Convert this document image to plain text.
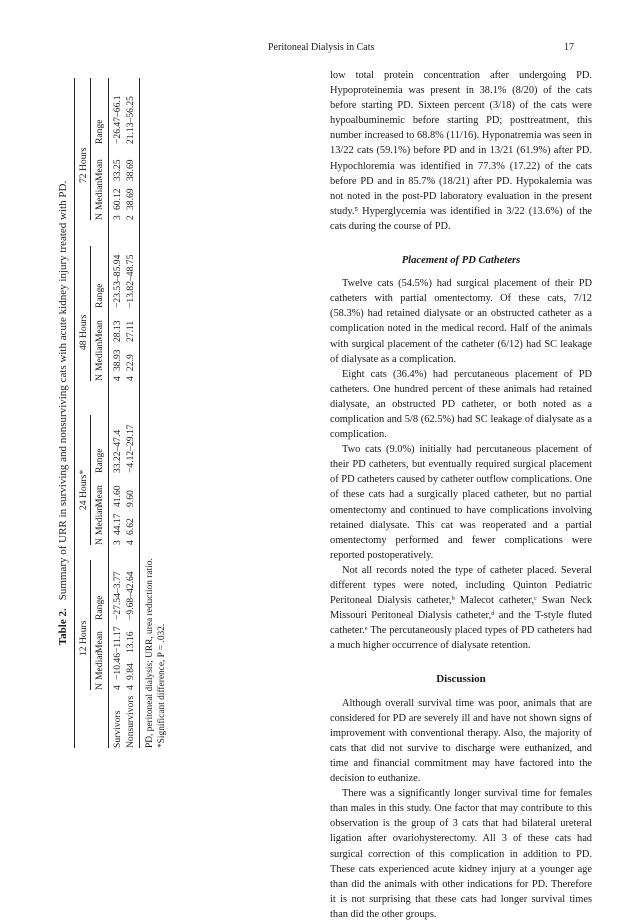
Peritoneal Dialysis in Cats	17
Table 2.Summary of URR in surviving and nonsurviving cats with acute kidney injury treated with PD.
12 Hours
24 Hours*
48 Hours
72 Hours
N
Median
Mean
Range
N
Median
Mean
Range
N
Median
Mean
Range
N
Median
Mean
Range
Survivors
4
−10.46
−11.17
−27.54–3.77
3
44.17
41.60
33.22–47.4
4
38.93
28.13
−23.53–85.94
3
60.12
33.25
−26.47–66.1
Nonsurvivors
4
9.84
13.16
−9.68–42.64
4
6.62
9.60
−4.12–29.17
4
22.9
27.11
−13.82–48.75
2
38.69
38.69
21.13–56.25
PD, peritoneal dialysis; URR, urea reduction ratio. *Significant difference, P = .032.

low total protein concentration after undergoing PD. Hypoproteinemia was present in 38.1% (8/20) of the cats before starting PD. Sixteen percent (3/18) of the cats were hypoalbuminemic before starting PD; posttreatment, this number increased to 68.8% (11/16). Hyponatremia was seen in 13/22 cats (59.1%) before PD and in 13/21 (61.9%) after PD. Hypochloremia was identified in 77.3% (17.22) of the cats before PD and in 85.7% (18/21) after PD. Hypokalemia was not noted in the post-PD laboratory evaluation in the present study.⁵ Hyperglycemia was identified in 3/22 (13.6%) of the cats during the course of PD.

Placement of PD Catheters

Twelve cats (54.5%) had surgical placement of their PD catheters with partial omentectomy. Of these cats, 7/12 (58.3%) had retained dialysate or an obstructed catheter as a complication noted in the medical record. Half of the animals with surgical placement of the catheter (6/12) had SC leakage of dialysate as a complication.

Eight cats (36.4%) had percutaneous placement of PD catheters. One hundred percent of these animals had retained dialysate, an obstructed PD catheter, or both noted as a complication and 5/8 (62.5%) had SC leakage of dialysate as a complication.

Two cats (9.0%) initially had percutaneous placement of their PD catheters, but eventually required surgical placement of PD catheters caused by catheter outflow complications. One of these cats had a surgically placed catheter, but no partial omentectomy and continued to have complications involving retained dialysate. This cat was reoperated and a partial omentectomy performed and fewer complications were reported postoperatively.

Not all records noted the type of catheter placed. Several different types were noted, including Quinton Pediatric Peritoneal Dialysis catheter,ᵇ Malecot catheter,ᶜ Swan Neck Missouri Peritoneal Dialysis catheter,ᵈ and the T-style fluted catheter.ᵉ The percutaneously placed types of PD catheters had a much higher occurrence of dialysate retention.

Discussion

Although overall survival time was poor, animals that are considered for PD are severely ill and have not shown signs of improvement with conventional therapy. Also, the majority of cats that did not survive to discharge were euthanized, and time and financial commitment may have factored into the decision to euthanize.

There was a significantly longer survival time for females than males in this study. One factor that may contribute to this observation is the group of 3 cats that had bilateral ureteral ligation after ovariohysterectomy. All 3 of these cats had surgical correction of this complication in addition to PD. These cats experienced acute kidney injury at a younger age than did the animals with other indications for PD. Therefore it is not surprising that these cats had longer survival times than did the other groups.
